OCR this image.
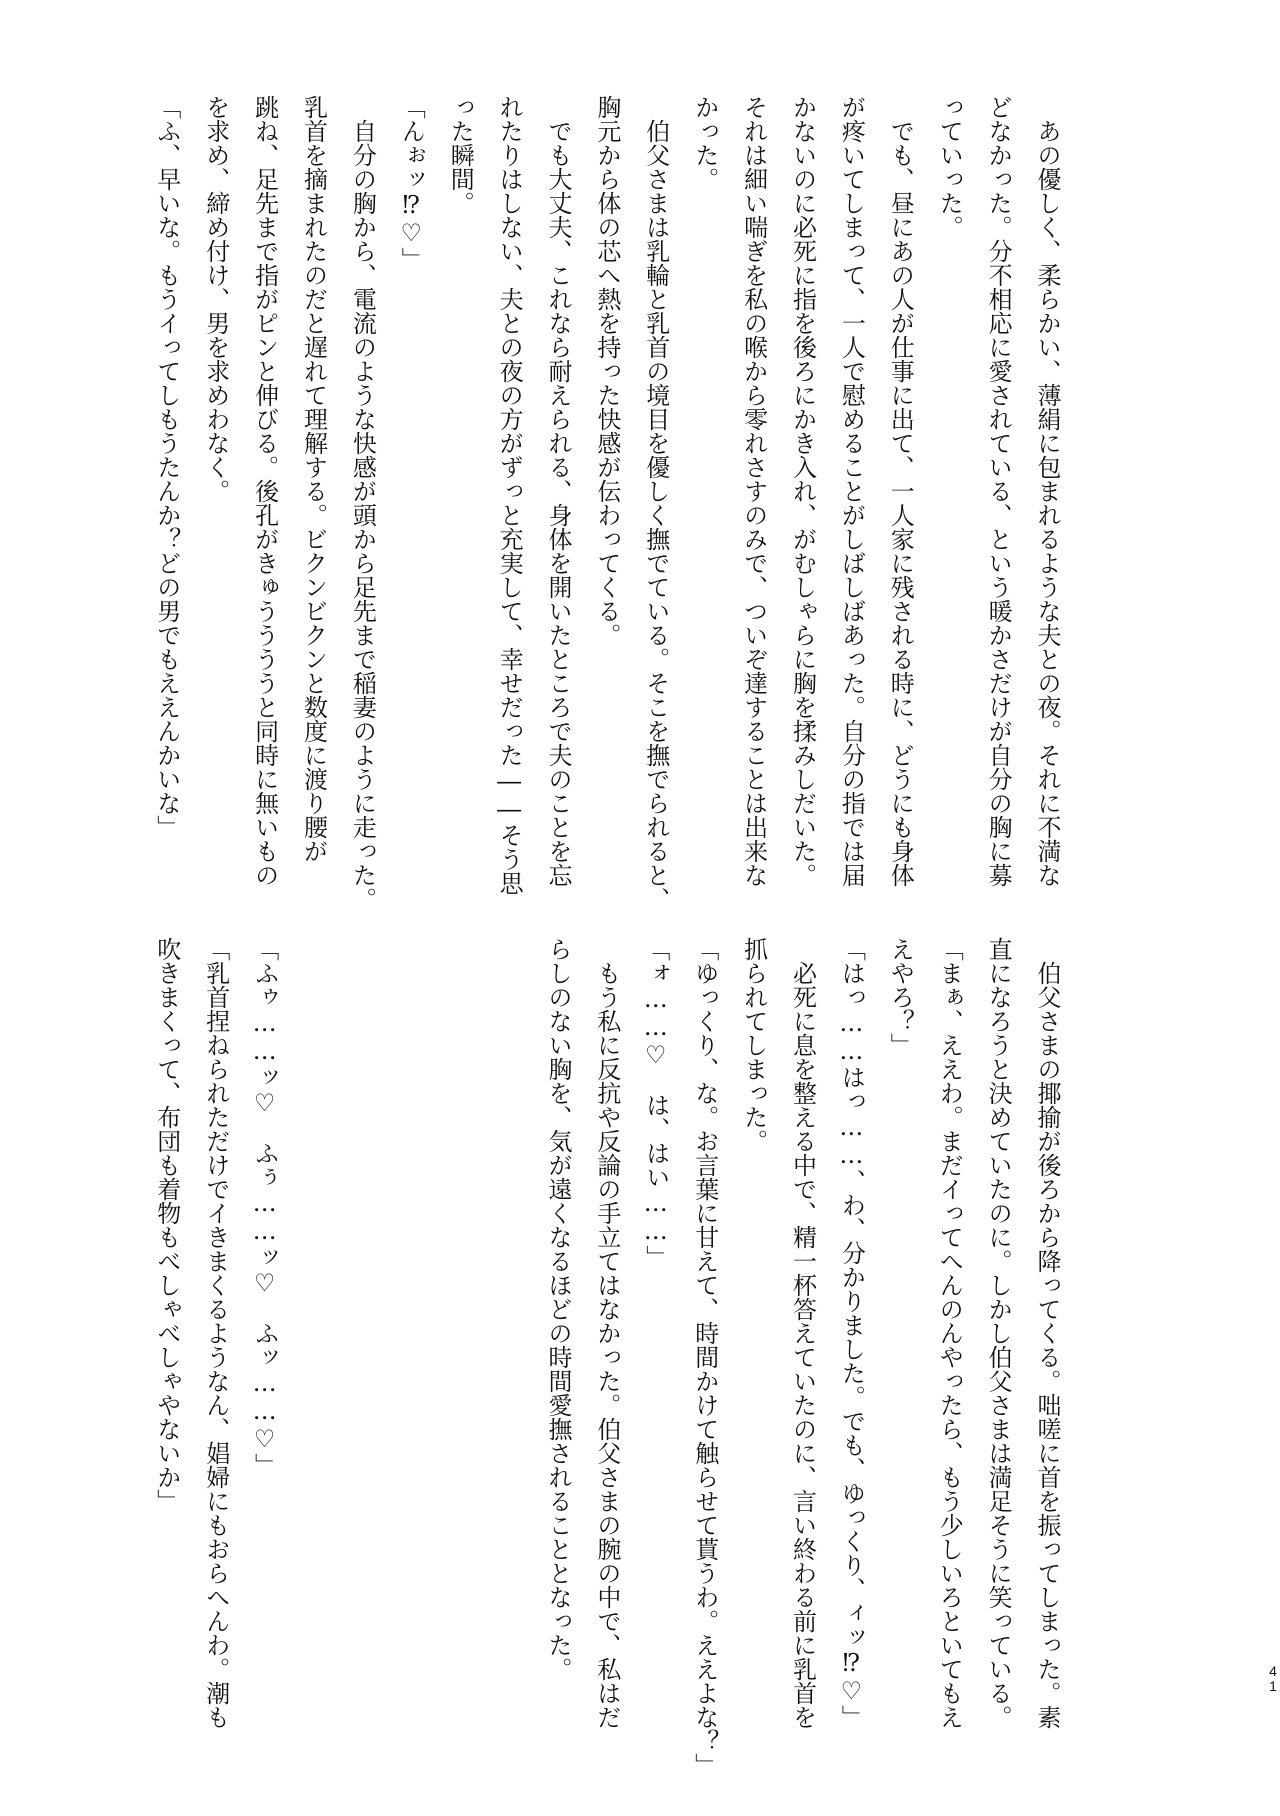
　あの優しく、柔らかい、薄絹に包まれるような夫との夜。それに不満な
どなかった。分不相応に愛されている、という暖かさだけが自分の胸に募
っていった。
　でも、昼にあの人が仕事に出て、一人家に残される時に、どうにも身体
が疼いてしまって、一人で慰めることがしばしばあった。自分の指では届
かないのに必死に指を後ろにかき入れ、がむしゃらに胸を揉みしだいた。
それは細い喘ぎを私の喉から零れさすのみで、ついぞ達することは出来な
かった。
　伯父さまは乳輪と乳首の境目を優しく撫でている。そこを撫でられると、
胸元から体の芯へ熱を持った快感が伝わってくる。
　でも大丈夫、これなら耐えられる、身体を開いたところで夫のことを忘
れたりはしない、夫との夜の方がずっと充実して、幸せだった――そう思
った瞬間。
「んぉッ⁉♡」
　自分の胸から、電流のような快感が頭から足先まで稲妻のように走った。
乳首を摘まれたのだと遅れて理解する。ビクンビクンと数度に渡り腰が
跳ね、足先まで指がピンと伸びる。後孔がきゅううううと同時に無いもの
を求め、締め付け、男を求めわなく。
「ふ、早いな。もうイってしもうたんか？どの男でもええんかいな」
　伯父さまの揶揄が後ろから降ってくる。咄嗟に首を振ってしまった。素
直になろうと決めていたのに。しかし伯父さまは満足そうに笑っている。
「まぁ、ええわ。まだイってへんのんやったら、もう少しいろといてもえ
えやろ？」
「はっ……はっ……、わ、分かりました。でも、ゆっくり、ィッ⁉♡」
　必死に息を整える中で、精一杯答えていたのに、言い終わる前に乳首を
抓られてしまった。
「ゆっくり、な。お言葉に甘えて、時間かけて触らせて貰うわ。ええよな？」
「ォ……♡　は、はい……」
　もう私に反抗や反論の手立てはなかった。伯父さまの腕の中で、私はだ
らしのない胸を、気が遠くなるほどの時間愛撫されることとなった。
「ふゥ……ッ♡　ふぅ……ッ♡　ふッ……♡」
「乳首捏ねられただけでイきまくるようなん、娼婦にもおらへんわ。潮も
吹きまくって、布団も着物もべしゃべしゃやないか」
41
